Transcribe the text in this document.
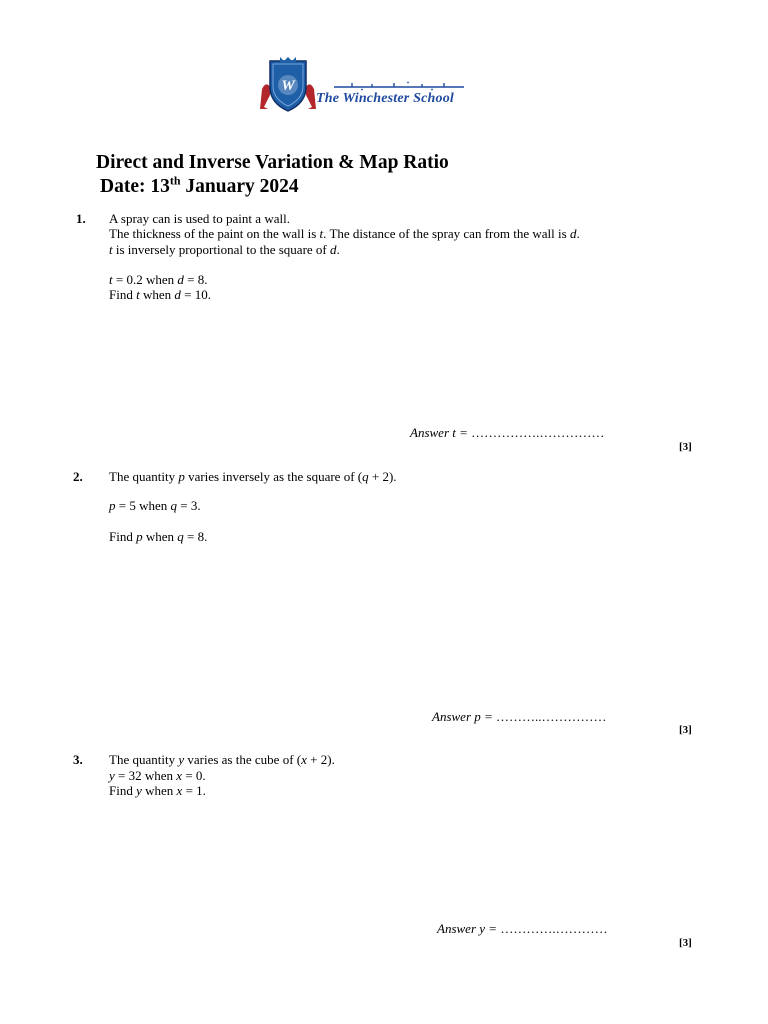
W
The Winchester School
Direct and Inverse Variation & Map Ratio
Date: 13th January 2024
1. A spray can is used to paint a wall.
The thickness of the paint on the wall is t. The distance of the spray can from the wall is d.
t is inversely proportional to the square of d.
t = 0.2 when d = 8.
Find t when d = 10.
Answer t = …………….……………
[3]
2. The quantity p varies inversely as the square of (q + 2).
p = 5 when q = 3.
Find p when q = 8.
Answer p = ………..……………
[3]
3. The quantity y varies as the cube of (x + 2).
y = 32 when x = 0.
Find y when x = 1.
Answer y = ………….…………
[3]
